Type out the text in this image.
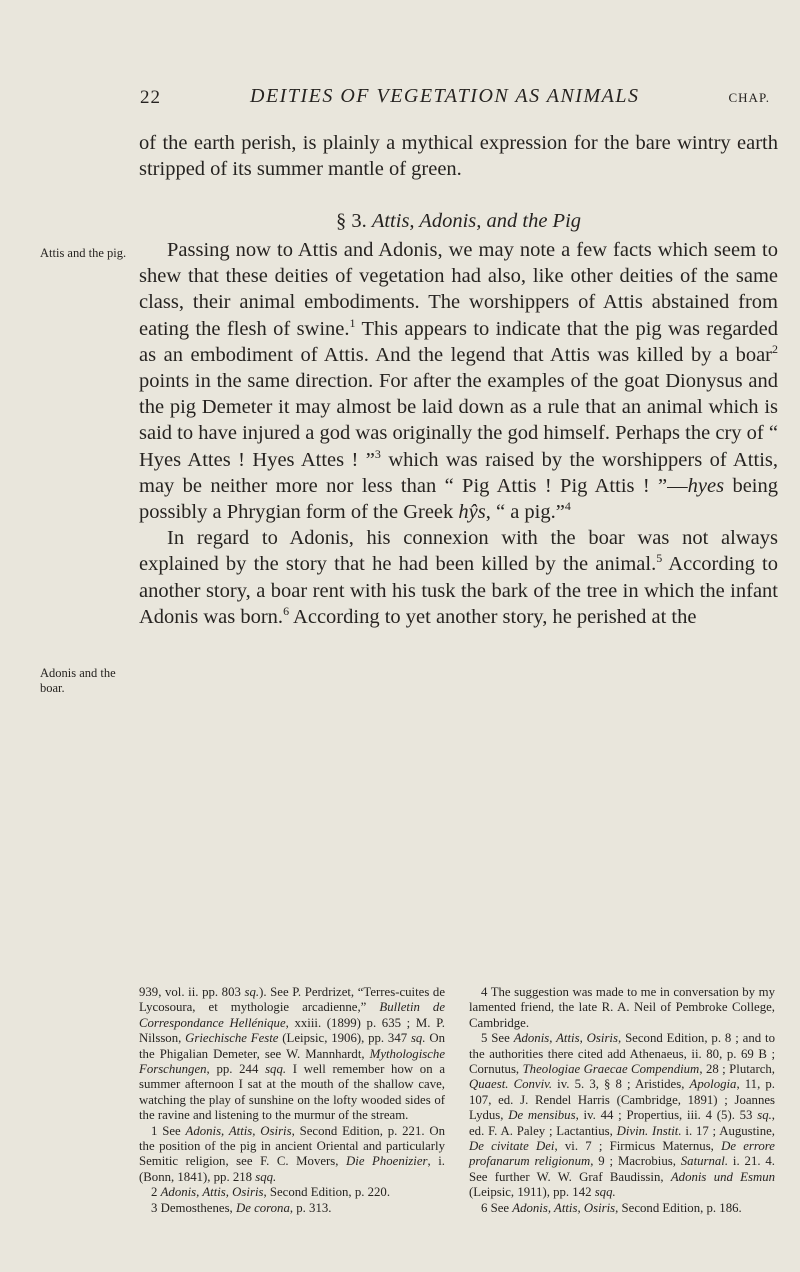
22	DEITIES OF VEGETATION AS ANIMALS	CHAP.

of the earth perish, is plainly a mythical expression for the bare wintry earth stripped of its summer mantle of green.

§ 3. Attis, Adonis, and the Pig
Attis and the pig.
Adonis and the boar.

Passing now to Attis and Adonis, we may note a few facts which seem to shew that these deities of vegetation had also, like other deities of the same class, their animal embodiments. The worshippers of Attis abstained from eating the flesh of swine.$^1$ This appears to indicate that the pig was regarded as an embodiment of Attis. And the legend that Attis was killed by a boar$^2$ points in the same direction. For after the examples of the goat Dionysus and the pig Demeter it may almost be laid down as a rule that an animal which is said to have injured a god was originally the god himself. Perhaps the cry of “ Hyes Attes ! Hyes Attes ! ”$^3$ which was raised by the worshippers of Attis, may be neither more nor less than “ Pig Attis ! Pig Attis ! ”—hyes being possibly a Phrygian form of the Greek hŷs, “ a pig.”$^4$

In regard to Adonis, his connexion with the boar was not always explained by the story that he had been killed by the animal.$^5$ According to another story, a boar rent with his tusk the bark of the tree in which the infant Adonis was born.$^6$ According to yet another story, he perished at the

939, vol. ii. pp. 803 sq.). See P. Perdrizet, “Terres-cuites de Lycosoura, et mythologie arcadienne,” Bulletin de Correspondance Hellénique, xxiii. (1899) p. 635 ; M. P. Nilsson, Griechische Feste (Leipsic, 1906), pp. 347 sq. On the Phigalian Demeter, see W. Mannhardt, Mythologische Forschungen, pp. 244 sqq. I well remember how on a summer afternoon I sat at the mouth of the shallow cave, watching the play of sunshine on the lofty wooded sides of the ravine and listening to the murmur of the stream.

1 See Adonis, Attis, Osiris, Second Edition, p. 221. On the position of the pig in ancient Oriental and particularly Semitic religion, see F. C. Movers, Die Phoenizier, i. (Bonn, 1841), pp. 218 sqq.

2 Adonis, Attis, Osiris, Second Edition, p. 220.

3 Demosthenes, De corona, p. 313.

4 The suggestion was made to me in conversation by my lamented friend, the late R. A. Neil of Pembroke College, Cambridge.

5 See Adonis, Attis, Osiris, Second Edition, p. 8 ; and to the authorities there cited add Athenaeus, ii. 80, p. 69 B ; Cornutus, Theologiae Graecae Compendium, 28 ; Plutarch, Quaest. Conviv. iv. 5. 3, § 8 ; Aristides, Apologia, 11, p. 107, ed. J. Rendel Harris (Cambridge, 1891) ; Joannes Lydus, De mensibus, iv. 44 ; Propertius, iii. 4 (5). 53 sq., ed. F. A. Paley ; Lactantius, Divin. Instit. i. 17 ; Augustine, De civitate Dei, vi. 7 ; Firmicus Maternus, De errore profanarum religionum, 9 ; Macrobius, Saturnal. i. 21. 4. See further W. W. Graf Baudissin, Adonis und Esmun (Leipsic, 1911), pp. 142 sqq.

6 See Adonis, Attis, Osiris, Second Edition, p. 186.
